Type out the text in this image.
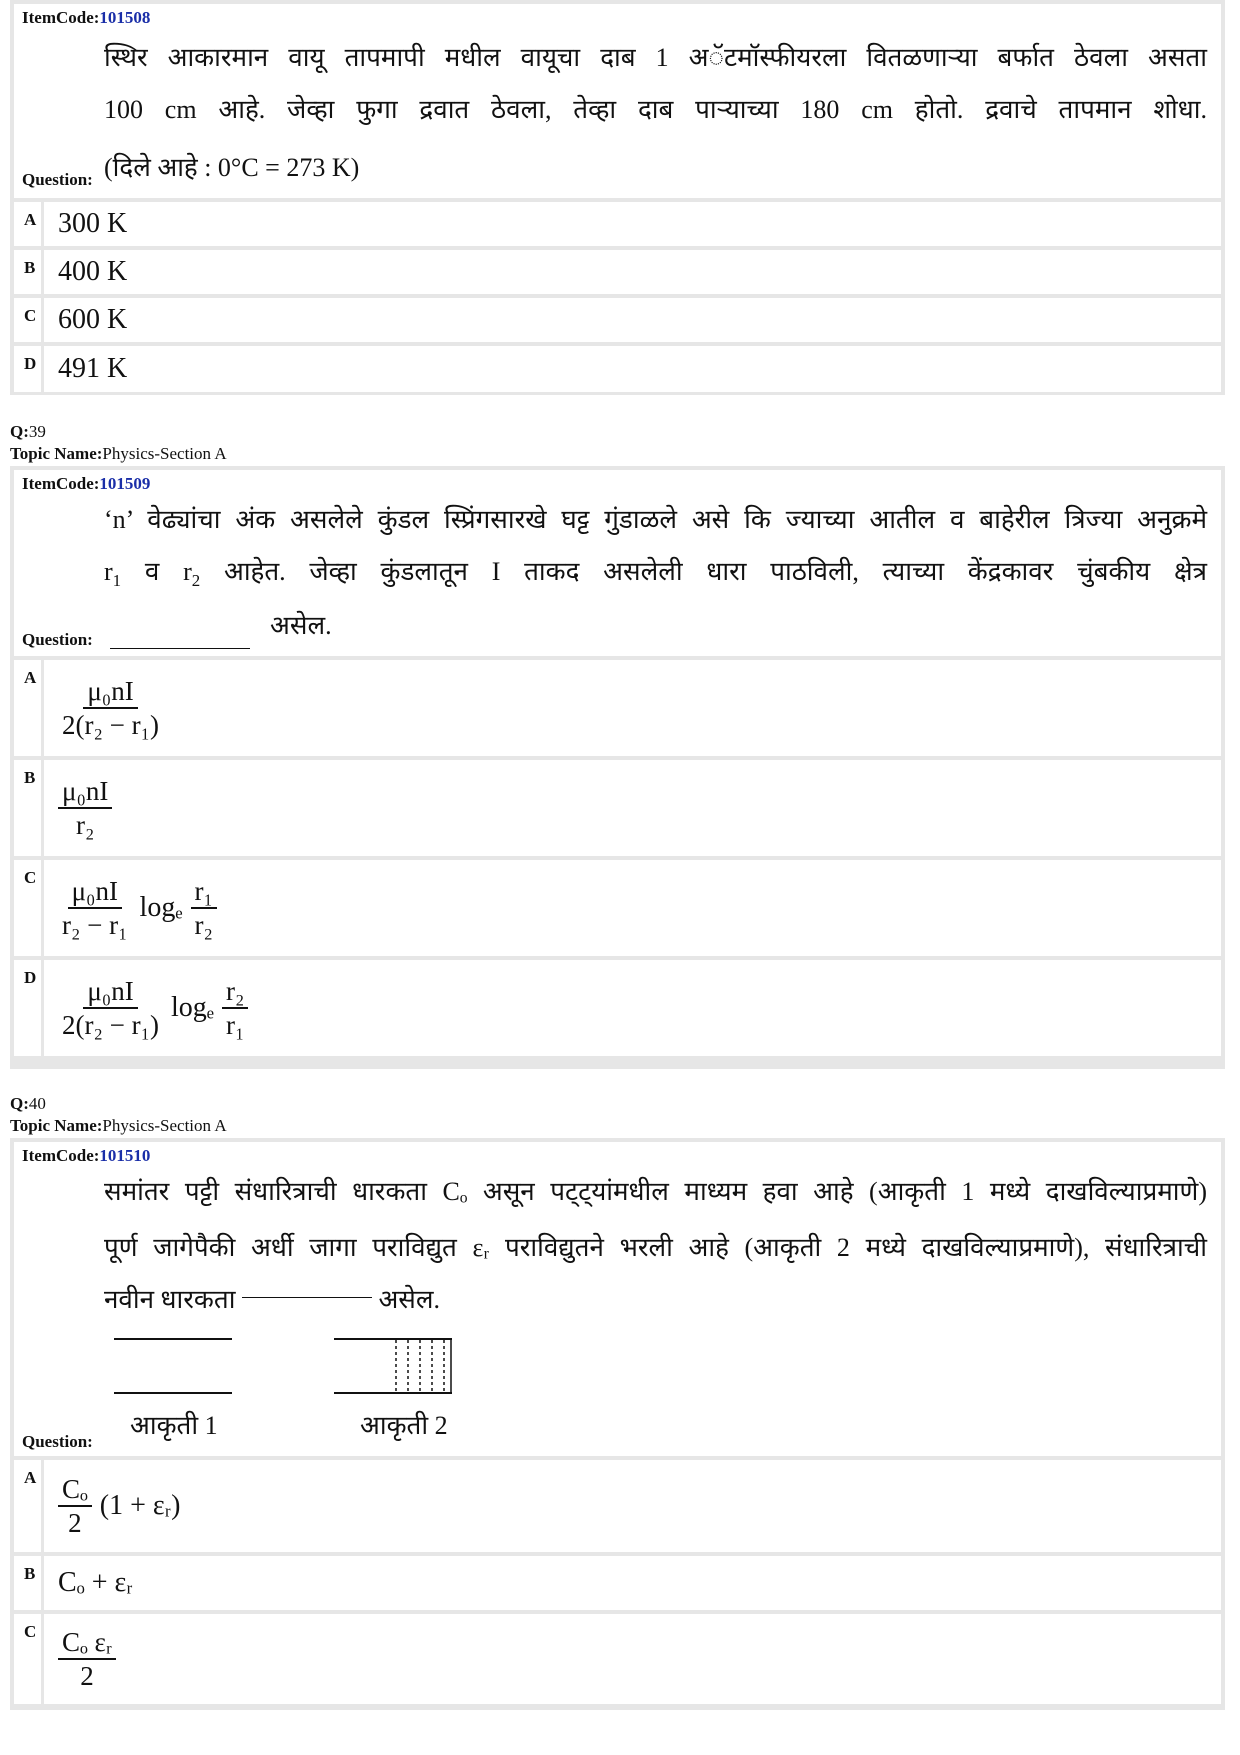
ItemCode:101508
स्थिर आकारमान वायू तापमापी मधील वायूचा दाब 1 अॅटमॉस्फीयरला वितळणाऱ्या बर्फात ठेवला असता
100 cm आहे. जेव्हा फुगा द्रवात ठेवला, तेव्हा दाब पाऱ्याच्या 180 cm होतो. द्रवाचे तापमान शोधा.
(दिले आहे : 0°C = 273 K)
Question:
A 300 K
B 400 K
C 600 K
D 491 K
Q:39
Topic Name:Physics-Section A
ItemCode:101509
‘n’ वेढ्यांचा अंक असलेले कुंडल स्प्रिंगसारखे घट्ट गुंडाळले असे कि ज्याच्या आतील व बाहेरील त्रिज्या अनुक्रमे
$r_1$ व $r_2$ आहेत. जेव्हा कुंडलातून I ताकद असलेली धारा पाठविली, त्याच्या केंद्रकावर चुंबकीय क्षेत्र
Question:	असेल.
A $\frac{\text{μ₀nI}}{\text{2(r₂ − r₁)}}$
B $\frac{\text{μ₀nI}}{\text{r₂}}$
C $\frac{\text{μ₀nI}}{\text{r₂ − r₁}}$ logₑ $\frac{\text{r₁}}{\text{r₂}}$
D $\frac{\text{μ₀nI}}{\text{2(r₂ − r₁)}}$ logₑ $\frac{\text{r₂}}{\text{r₁}}$
Q:40
Topic Name:Physics-Section A
ItemCode:101510
समांतर पट्टी संधारित्राची धारकता Cₒ असून पट्ट्यांमधील माध्यम हवा आहे (आकृती 1 मध्ये दाखविल्याप्रमाणे)
पूर्ण जागेपैकी अर्धी जागा पराविद्युत εᵣ पराविद्युतने भरली आहे (आकृती 2 मध्ये दाखविल्याप्रमाणे), संधारित्राची
नवीन धारकता	असेल.
आकृती 1	आकृती 2
Question:
A $\frac{\text{Cₒ}}{2} (1$ + εᵣ)
B Cₒ + εᵣ
C $\frac{\text{Cₒ εᵣ}}{2}$
